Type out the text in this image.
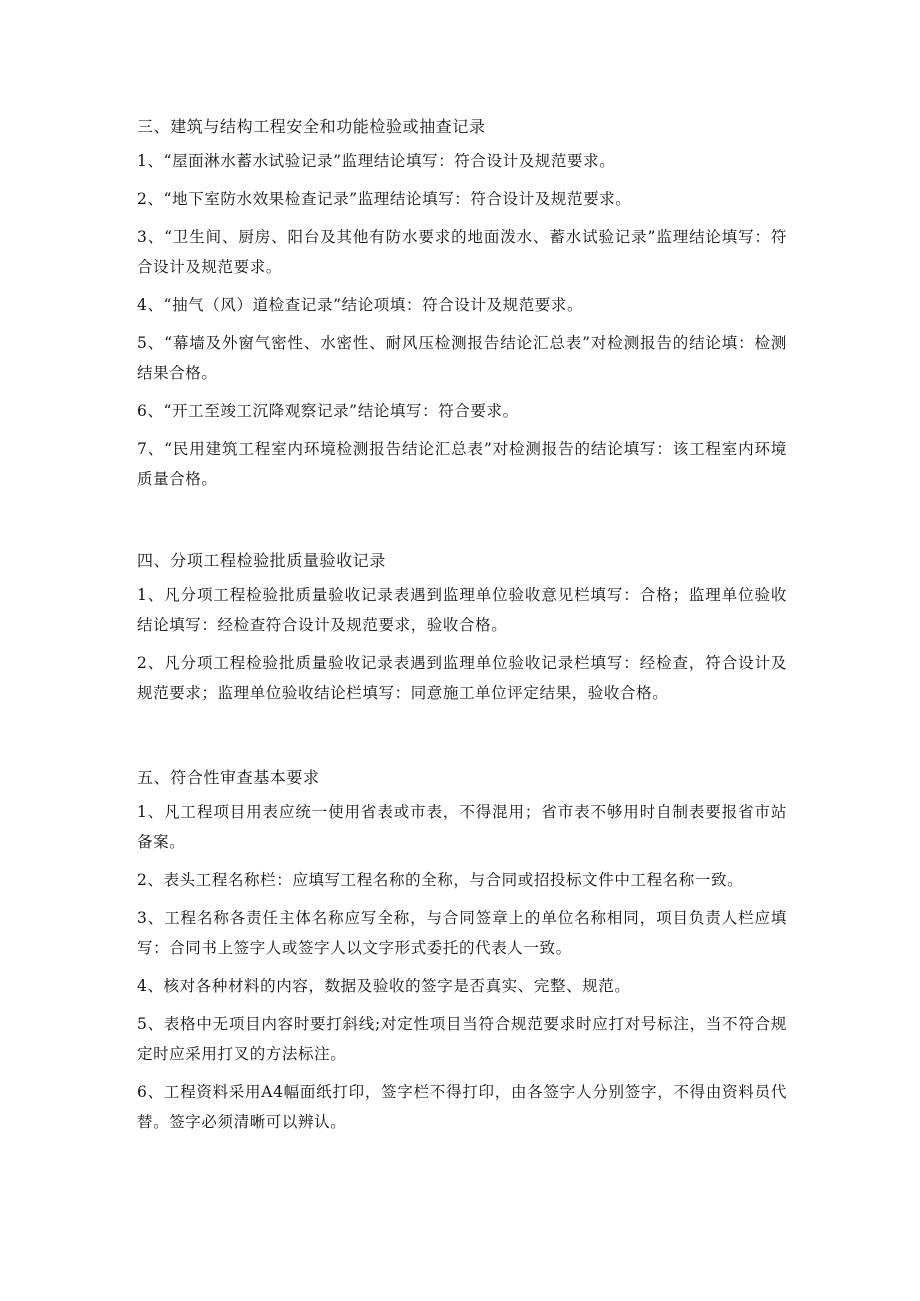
三、建筑与结构工程安全和功能检验或抽查记录

1、“屋面淋水蓄水试验记录”监理结论填写：符合设计及规范要求。

2、“地下室防水效果检查记录”监理结论填写：符合设计及规范要求。

3、“卫生间、厨房、阳台及其他有防水要求的地面泼水、蓄水试验记录”监理结论填写：符合设计及规范要求。

4、“抽气（风）道检查记录”结论项填：符合设计及规范要求。

5、“幕墙及外窗气密性、水密性、耐风压检测报告结论汇总表”对检测报告的结论填：检测结果合格。

6、“开工至竣工沉降观察记录”结论填写：符合要求。

7、“民用建筑工程室内环境检测报告结论汇总表”对检测报告的结论填写：该工程室内环境质量合格。

四、分项工程检验批质量验收记录

1、凡分项工程检验批质量验收记录表遇到监理单位验收意见栏填写：合格；监理单位验收结论填写：经检查符合设计及规范要求，验收合格。

2、凡分项工程检验批质量验收记录表遇到监理单位验收记录栏填写：经检查，符合设计及规范要求；监理单位验收结论栏填写：同意施工单位评定结果，验收合格。

五、符合性审查基本要求

1、凡工程项目用表应统一使用省表或市表，不得混用；省市表不够用时自制表要报省市站备案。

2、表头工程名称栏：应填写工程名称的全称，与合同或招投标文件中工程名称一致。

3、工程名称各责任主体名称应写全称，与合同签章上的单位名称相同，项目负责人栏应填写：合同书上签字人或签字人以文字形式委托的代表人一致。

4、核对各种材料的内容，数据及验收的签字是否真实、完整、规范。

5、表格中无项目内容时要打斜线;对定性项目当符合规范要求时应打对号标注，当不符合规定时应采用打叉的方法标注。

6、工程资料采用A4幅面纸打印，签字栏不得打印，由各签字人分别签字，不得由资料员代替。签字必须清晰可以辨认。
